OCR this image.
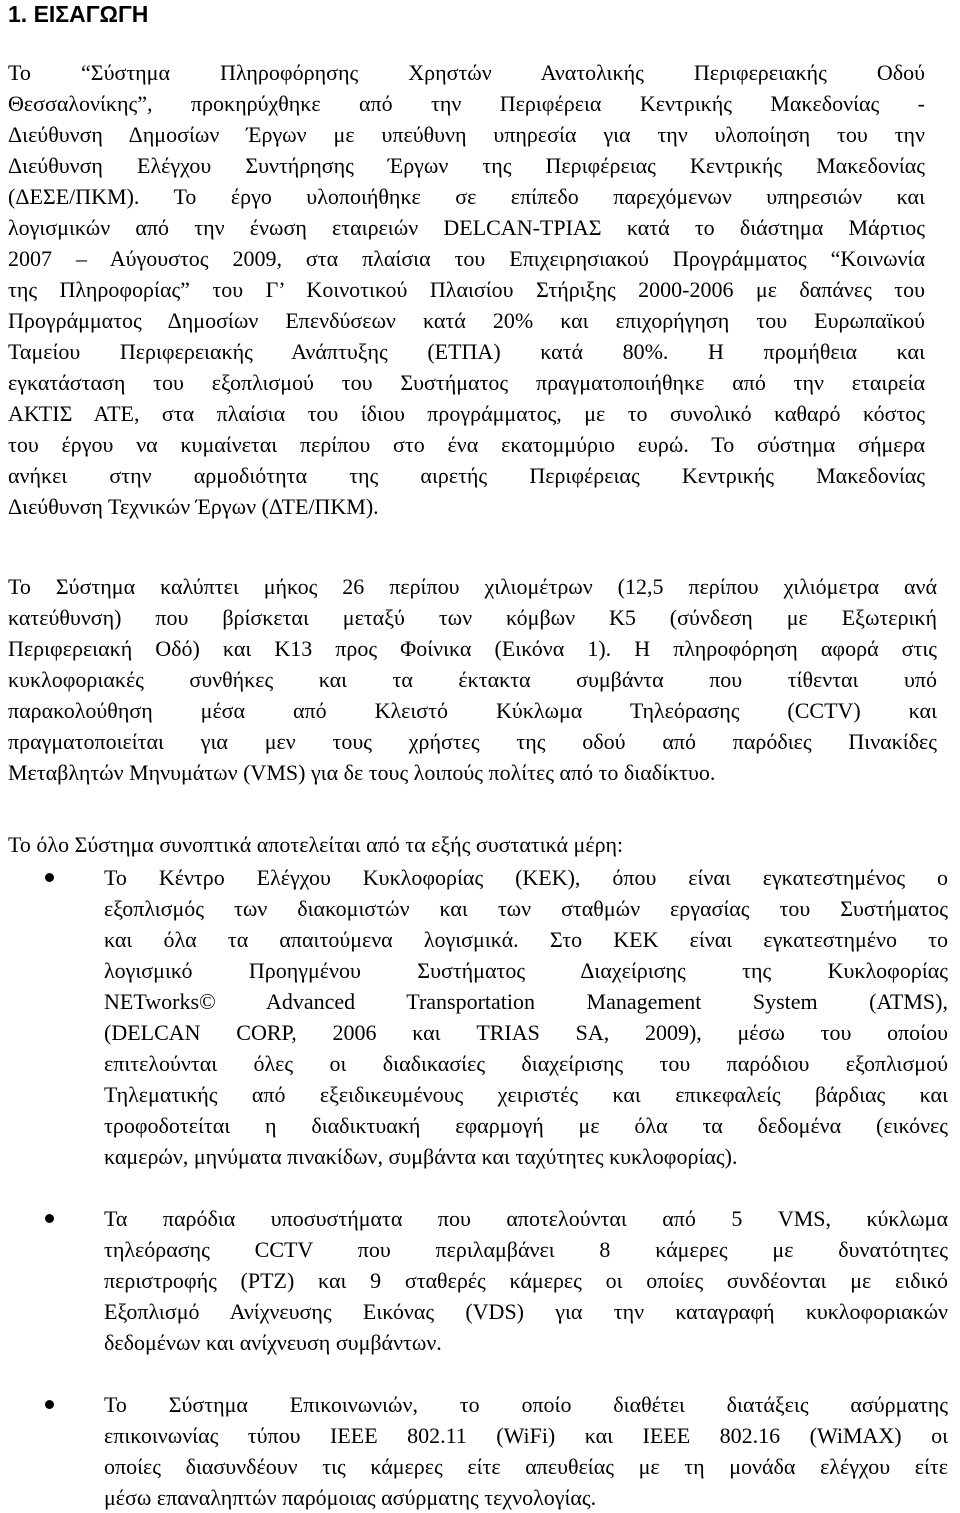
1. ΕΙΣΑΓΩΓΗ
Το “Σύστημα Πληροφόρησης Χρηστών Ανατολικής Περιφερειακής Οδού
Θεσσαλονίκης”, προκηρύχθηκε από την Περιφέρεια Κεντρικής Μακεδονίας -
Διεύθυνση Δημοσίων Έργων με υπεύθυνη υπηρεσία για την υλοποίηση του την
Διεύθυνση Ελέγχου Συντήρησης Έργων της Περιφέρειας Κεντρικής Μακεδονίας
(ΔΕΣΕ/ΠΚΜ). Το έργο υλοποιήθηκε σε επίπεδο παρεχόμενων υπηρεσιών και
λογισμικών από την ένωση εταιρειών DELCAN-ΤΡΙΑΣ κατά το διάστημα Μάρτιος
2007 – Αύγουστος 2009, στα πλαίσια του Επιχειρησιακού Προγράμματος “Κοινωνία
της Πληροφορίας” του Γ’ Κοινοτικού Πλαισίου Στήριξης 2000-2006 με δαπάνες του
Προγράμματος Δημοσίων Επενδύσεων κατά 20% και επιχορήγηση του Ευρωπαϊκού
Ταμείου Περιφερειακής Ανάπτυξης (ΕΤΠΑ) κατά 80%. Η προμήθεια και
εγκατάσταση του εξοπλισμού του Συστήματος πραγματοποιήθηκε από την εταιρεία
ΑΚΤΙΣ ΑΤΕ, στα πλαίσια του ίδιου προγράμματος, με το συνολικό καθαρό κόστος
του έργου να κυμαίνεται περίπου στο ένα εκατομμύριο ευρώ. Το σύστημα σήμερα
ανήκει στην αρμοδιότητα της αιρετής Περιφέρειας Κεντρικής Μακεδονίας
Διεύθυνση Τεχνικών Έργων (ΔΤΕ/ΠΚΜ).
Το Σύστημα καλύπτει μήκος 26 περίπου χιλιομέτρων (12,5 περίπου χιλιόμετρα ανά
κατεύθυνση) που βρίσκεται μεταξύ των κόμβων Κ5 (σύνδεση με Εξωτερική
Περιφερειακή Οδό) και Κ13 προς Φοίνικα (Εικόνα 1). Η πληροφόρηση αφορά στις
κυκλοφοριακές συνθήκες και τα έκτακτα συμβάντα που τίθενται υπό
παρακολούθηση μέσα από Κλειστό Κύκλωμα Τηλεόρασης (CCTV) και
πραγματοποιείται για μεν τους χρήστες της οδού από παρόδιες Πινακίδες
Μεταβλητών Μηνυμάτων (VMS) για δε τους λοιπούς πολίτες από το διαδίκτυο.
Το όλο Σύστημα συνοπτικά αποτελείται από τα εξής συστατικά μέρη:
Το Κέντρο Ελέγχου Κυκλοφορίας (ΚΕΚ), όπου είναι εγκατεστημένος ο
εξοπλισμός των διακομιστών και των σταθμών εργασίας του Συστήματος
και όλα τα απαιτούμενα λογισμικά. Στο ΚΕΚ είναι εγκατεστημένο το
λογισμικό Προηγμένου Συστήματος Διαχείρισης της Κυκλοφορίας
NETworks© Advanced Transportation Management System (ATMS),
(DELCAN CORP, 2006 και TRIAS SA, 2009), μέσω του οποίου
επιτελούνται όλες οι διαδικασίες διαχείρισης του παρόδιου εξοπλισμού
Τηλεματικής από εξειδικευμένους χειριστές και επικεφαλείς βάρδιας και
τροφοδοτείται η διαδικτυακή εφαρμογή με όλα τα δεδομένα (εικόνες
καμερών, μηνύματα πινακίδων, συμβάντα και ταχύτητες κυκλοφορίας).
Τα παρόδια υποσυστήματα που αποτελούνται από 5 VMS, κύκλωμα
τηλεόρασης CCTV που περιλαμβάνει 8 κάμερες με δυνατότητες
περιστροφής (PTZ) και 9 σταθερές κάμερες οι οποίες συνδέονται με ειδικό
Εξοπλισμό Ανίχνευσης Εικόνας (VDS) για την καταγραφή κυκλοφοριακών
δεδομένων και ανίχνευση συμβάντων.
Το Σύστημα Επικοινωνιών, το οποίο διαθέτει διατάξεις ασύρματης
επικοινωνίας τύπου IEEE 802.11 (WiFi) και IEEE 802.16 (WiMAX) οι
οποίες διασυνδέουν τις κάμερες είτε απευθείας με τη μονάδα ελέγχου είτε
μέσω επαναληπτών παρόμοιας ασύρματης τεχνολογίας.
